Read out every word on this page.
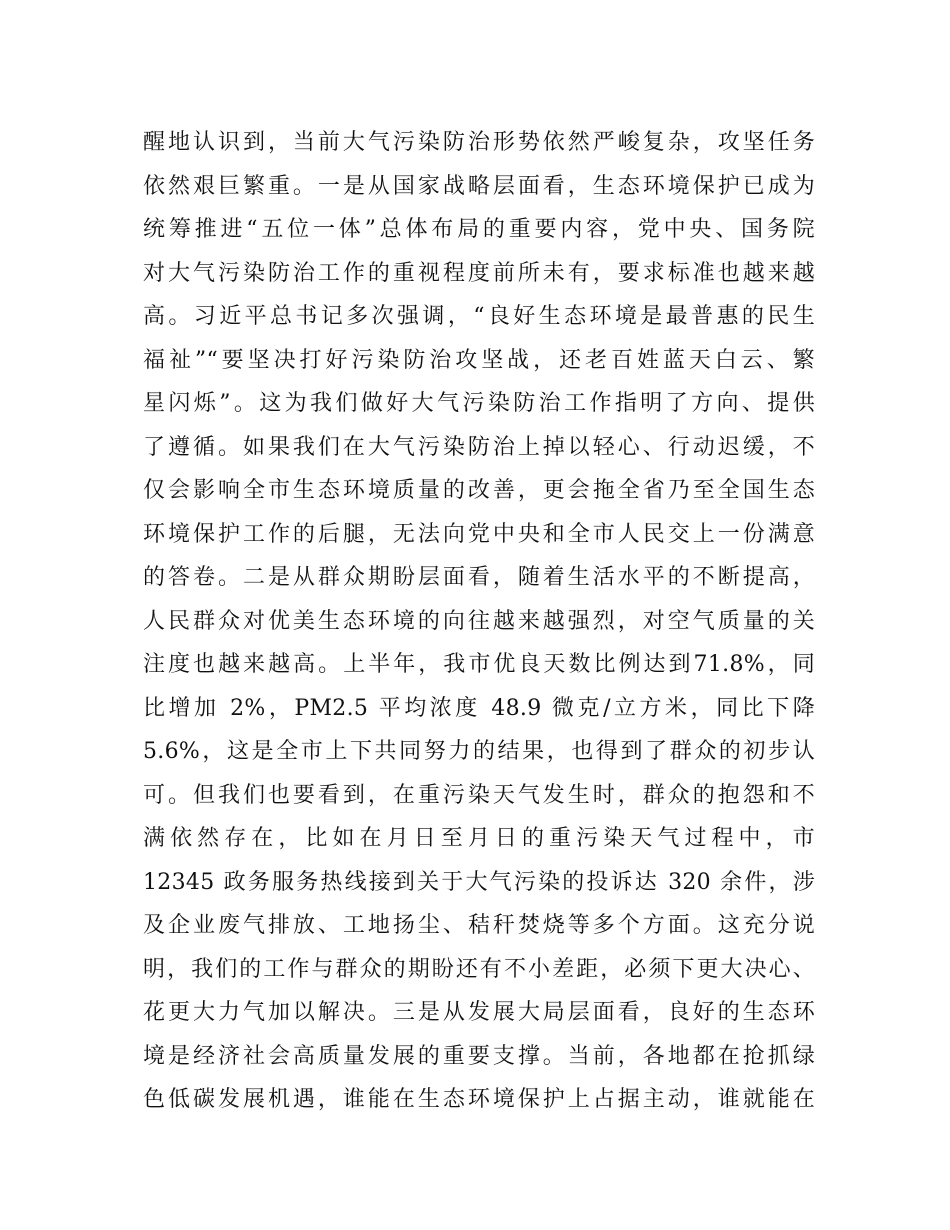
醒地认识到，当前大气污染防治形势依然严峻复杂，攻坚任务
依然艰巨繁重。一是从国家战略层面看，生态环境保护已成为
统筹推进“五位一体”总体布局的重要内容，党中央、国务院
对大气污染防治工作的重视程度前所未有，要求标准也越来越
高。习近平总书记多次强调，“良好生态环境是最普惠的民生
福祉”“要坚决打好污染防治攻坚战，还老百姓蓝天白云、繁
星闪烁”。这为我们做好大气污染防治工作指明了方向、提供
了遵循。如果我们在大气污染防治上掉以轻心、行动迟缓，不
仅会影响全市生态环境质量的改善，更会拖全省乃至全国生态
环境保护工作的后腿，无法向党中央和全市人民交上一份满意
的答卷。二是从群众期盼层面看，随着生活水平的不断提高，
人民群众对优美生态环境的向往越来越强烈，对空气质量的关
注度也越来越高。上半年，我市优良天数比例达到71.8%，同
比增加 2%，PM2.5 平均浓度 48.9 微克/立方米，同比下降
5.6%，这是全市上下共同努力的结果，也得到了群众的初步认
可。但我们也要看到，在重污染天气发生时，群众的抱怨和不
满依然存在，比如在月日至月日的重污染天气过程中，市
12345 政务服务热线接到关于大气污染的投诉达 320 余件，涉
及企业废气排放、工地扬尘、秸秆焚烧等多个方面。这充分说
明，我们的工作与群众的期盼还有不小差距，必须下更大决心、
花更大力气加以解决。三是从发展大局层面看，良好的生态环
境是经济社会高质量发展的重要支撑。当前，各地都在抢抓绿
色低碳发展机遇，谁能在生态环境保护上占据主动，谁就能在
